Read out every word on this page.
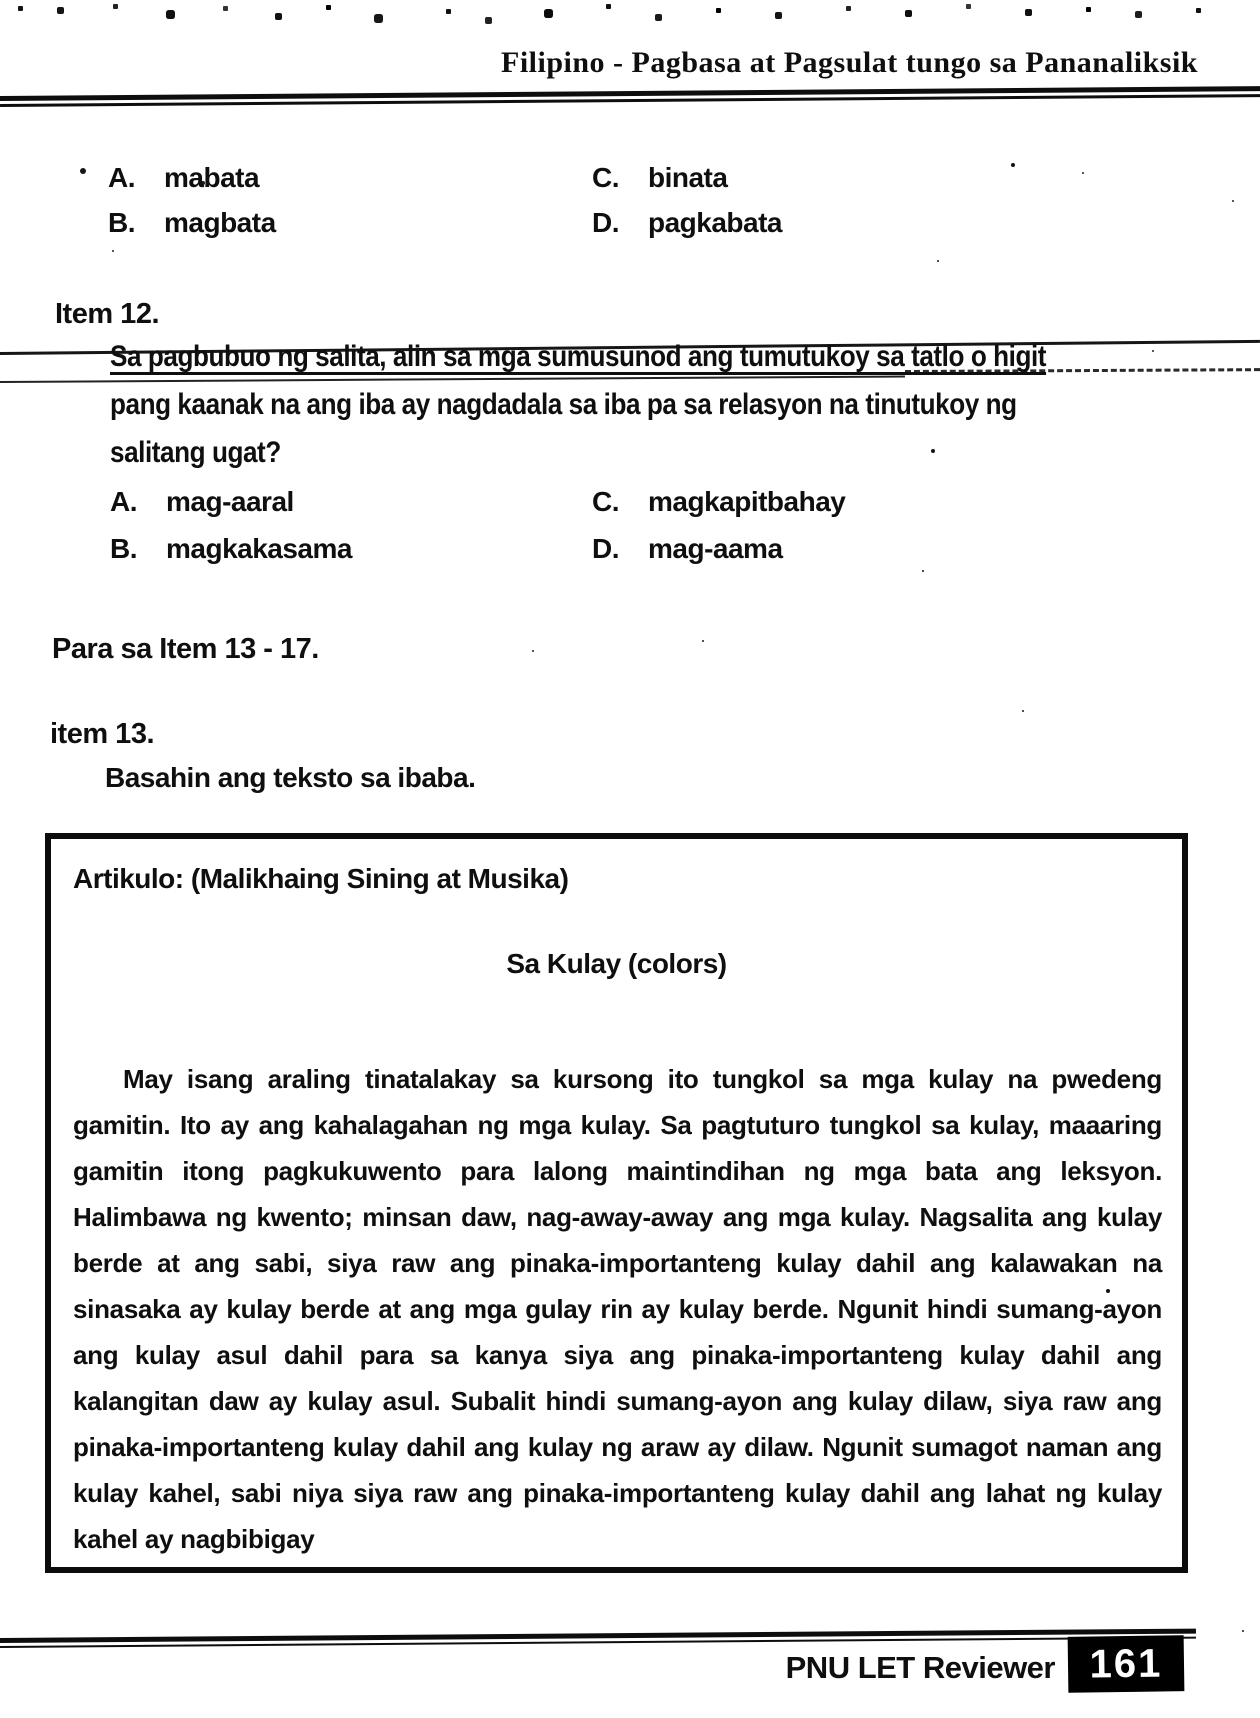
Filipino - Pagbasa at Pagsulat tungo sa Pananaliksik
A. mabata	C. binata
B. magbata	D. pagkabata
Item 12.
Sa pagbubuo ng salita, alin sa mga sumusunod ang tumutukoy sa tatlo o higit
pang kaanak na ang iba ay nagdadala sa iba pa sa relasyon na tinutukoy ng
salitang ugat?
A. mag-aaral	C. magkapitbahay
B. magkakasama	D. mag-aama
Para sa Item 13 - 17.
item 13.
Basahin ang teksto sa ibaba.
Artikulo: (Malikhaing Sining at Musika)
Sa Kulay (colors)
May isang araling tinatalakay sa kursong ito tungkol sa mga kulay na pwedeng gamitin. Ito ay ang kahalagahan ng mga kulay. Sa pagtuturo tungkol sa kulay, maaaring gamitin itong pagkukuwento para lalong maintindihan ng mga bata ang leksyon. Halimbawa ng kwento; minsan daw, nag-away-away ang mga kulay. Nagsalita ang kulay berde at ang sabi, siya raw ang pinaka-importanteng kulay dahil ang kalawakan na sinasaka ay kulay berde at ang mga gulay rin ay kulay berde. Ngunit hindi sumang-ayon ang kulay asul dahil para sa kanya siya ang pinaka-importanteng kulay dahil ang kalangitan daw ay kulay asul. Subalit hindi sumang-ayon ang kulay dilaw, siya raw ang pinaka-importanteng kulay dahil ang kulay ng araw ay dilaw. Ngunit sumagot naman ang kulay kahel, sabi niya siya raw ang pinaka-importanteng kulay dahil ang lahat ng kulay kahel ay nagbibigay
PNU LET Reviewer 161
